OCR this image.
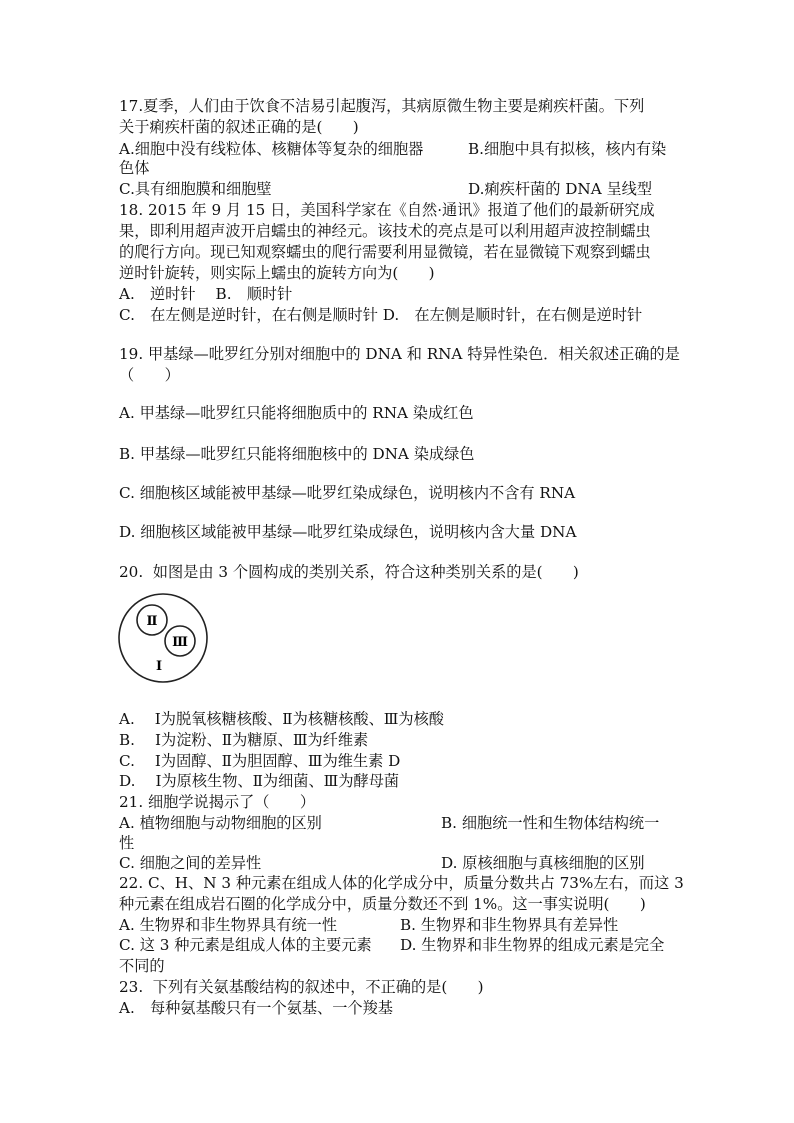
17.夏季，人们由于饮食不洁易引起腹泻，其病原微生物主要是痢疾杆菌。下列
关于痢疾杆菌的叙述正确的是(　　)
A.细胞中没有线粒体、核糖体等复杂的细胞器	B.细胞中具有拟核，核内有染
色体
C.具有细胞膜和细胞壁	D.痢疾杆菌的 DNA 呈线型
18. 2015 年 9 月 15 日，美国科学家在《自然·通讯》报道了他们的最新研究成
果，即利用超声波开启蠕虫的神经元。该技术的亮点是可以利用超声波控制蠕虫
的爬行方向。现已知观察蠕虫的爬行需要利用显微镜，若在显微镜下观察到蠕虫
逆时针旋转，则实际上蠕虫的旋转方向为(　　)
A.　逆时针　 B.　顺时针
C.　在左侧是逆时针，在右侧是顺时针 D.　在左侧是顺时针，在右侧是逆时针
19. 甲基绿—吡罗红分别对细胞中的 DNA 和 RNA 特异性染色．相关叙述正确的是
（　　）
A. 甲基绿—吡罗红只能将细胞质中的 RNA 染成红色
B. 甲基绿—吡罗红只能将细胞核中的 DNA 染成绿色
C. 细胞核区域能被甲基绿—吡罗红染成绿色，说明核内不含有 RNA
D. 细胞核区域能被甲基绿—吡罗红染成绿色，说明核内含大量 DNA
20.  如图是由 3 个圆构成的类别关系，符合这种类别关系的是(　　)
Ⅱ
Ⅲ
Ⅰ
A.　 Ⅰ为脱氧核糖核酸、Ⅱ为核糖核酸、Ⅲ为核酸
B.　 Ⅰ为淀粉、Ⅱ为糖原、Ⅲ为纤维素
C.　 Ⅰ为固醇、Ⅱ为胆固醇、Ⅲ为维生素 D
D.　 Ⅰ为原核生物、Ⅱ为细菌、Ⅲ为酵母菌
21. 细胞学说揭示了（　　）
A. 植物细胞与动物细胞的区别	B. 细胞统一性和生物体结构统一
性
C. 细胞之间的差异性	D. 原核细胞与真核细胞的区别
22. C、H、N 3 种元素在组成人体的化学成分中，质量分数共占 73%左右，而这 3
种元素在组成岩石圈的化学成分中，质量分数还不到 1%。这一事实说明(　　)
A. 生物界和非生物界具有统一性	B. 生物界和非生物界具有差异性
C. 这 3 种元素是组成人体的主要元素 D. 生物界和非生物界的组成元素是完全
不同的
23.  下列有关氨基酸结构的叙述中，不正确的是(　　)
A.　每种氨基酸只有一个氨基、一个羧基
